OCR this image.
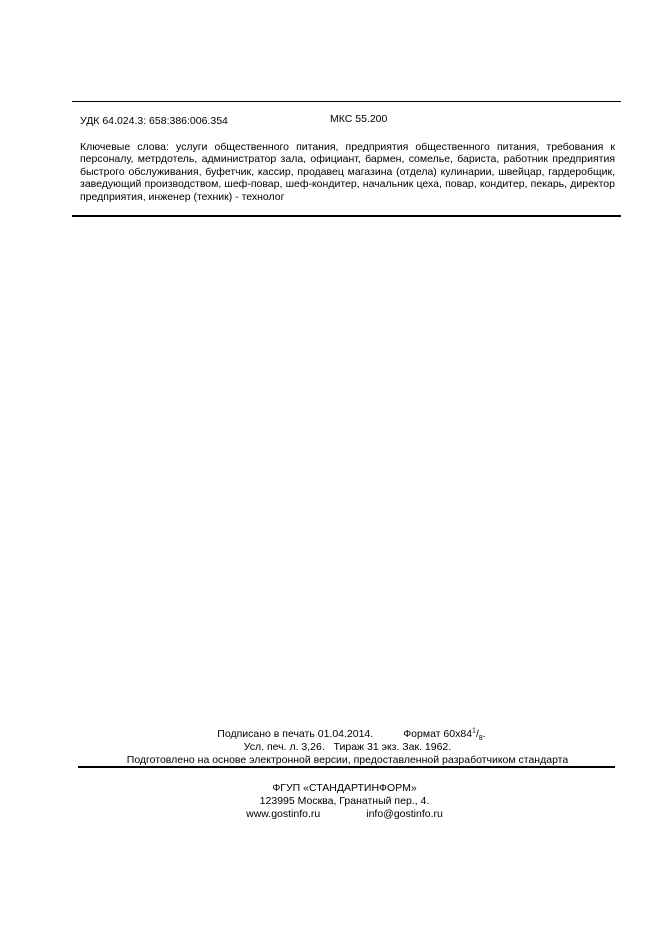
УДК 64.024.3: 658:386:006.354	МКС 55.200
Ключевые слова: услуги общественного питания, предприятия общественного питания, требования к персоналу, метрдотель, администратор зала, официант, бармен, сомелье, бариста, работник предприятия быстрого обслуживания, буфетчик, кассир, продавец магазина (отдела) кулинарии, швейцар, гардеробщик, заведующий производством, шеф-повар, шеф-кондитер, начальник цеха, повар, кондитер, пекарь, директор предприятия, инженер (техник) - технолог
Подписано в печать 01.04.2014.	Формат $60x84^1/_8$.
Усл. печ. л. 3,26. Тираж 31 экз. Зак. 1962.
Подготовлено на основе электронной версии, предоставленной разработчиком стандарта
ФГУП «СТАНДАРТИНФОРМ»
123995 Москва, Гранатный пер., 4.
www.gostinfo.ru	info@gostinfo.ru
